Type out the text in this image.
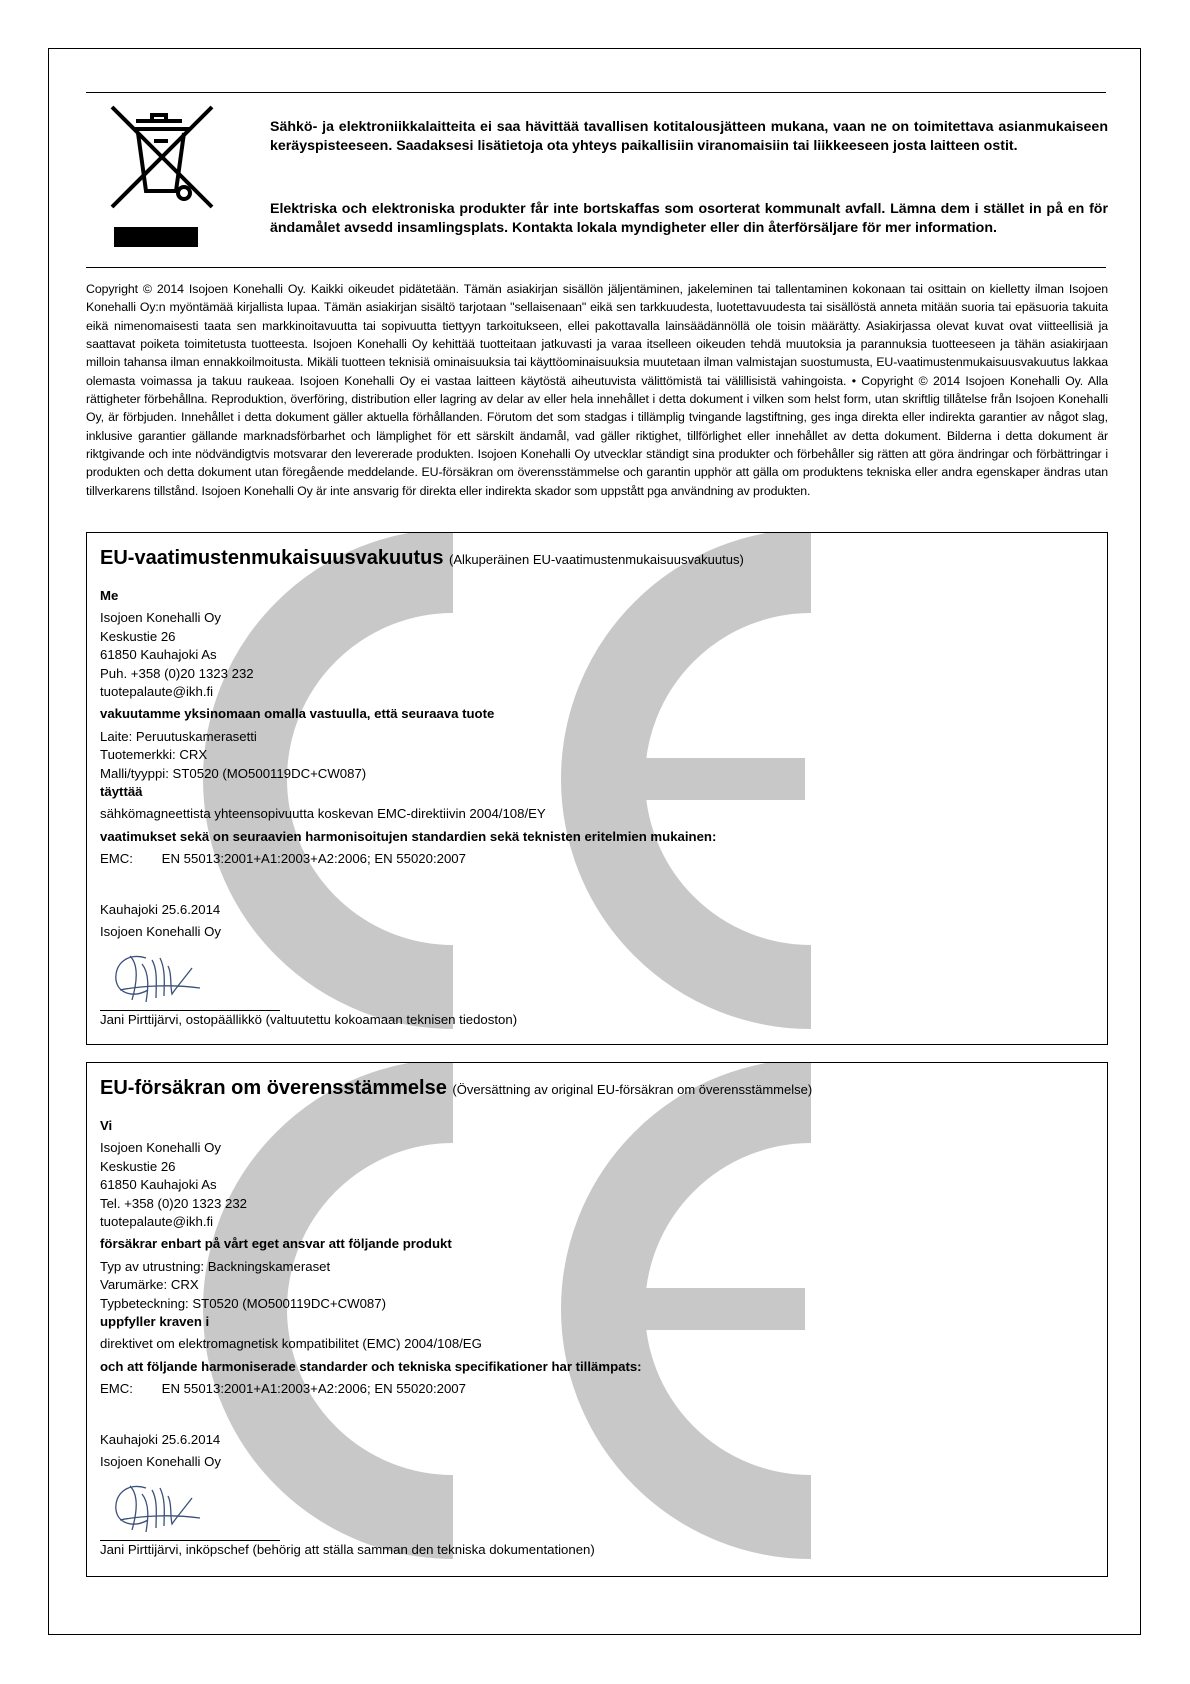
Sähkö- ja elektroniikkalaitteita ei saa hävittää tavallisen kotitalousjätteen mukana, vaan ne on toimitettava asianmukaiseen keräyspisteeseen. Saadaksesi lisätietoja ota yhteys paikallisiin viranomaisiin tai liikkeeseen josta laitteen ostit.
Elektriska och elektroniska produkter får inte bortskaffas som osorterat kommunalt avfall. Lämna dem i stället in på en för ändamålet avsedd insamlingsplats. Kontakta lokala myndigheter eller din återförsäljare för mer information.
Copyright © 2014 Isojoen Konehalli Oy. Kaikki oikeudet pidätetään. Tämän asiakirjan sisällön jäljentäminen, jakeleminen tai tallentaminen kokonaan tai osittain on kielletty ilman Isojoen Konehalli Oy:n myöntämää kirjallista lupaa. Tämän asiakirjan sisältö tarjotaan "sellaisenaan" eikä sen tarkkuudesta, luotettavuudesta tai sisällöstä anneta mitään suoria tai epäsuoria takuita eikä nimenomaisesti taata sen markkinoitavuutta tai sopivuutta tiettyyn tarkoitukseen, ellei pakottavalla lainsäädännöllä ole toisin määrätty. Asiakirjassa olevat kuvat ovat viitteellisiä ja saattavat poiketa toimitetusta tuotteesta. Isojoen Konehalli Oy kehittää tuotteitaan jatkuvasti ja varaa itselleen oikeuden tehdä muutoksia ja parannuksia tuotteeseen ja tähän asiakirjaan milloin tahansa ilman ennakkoilmoitusta. Mikäli tuotteen teknisiä ominaisuuksia tai käyttöominaisuuksia muutetaan ilman valmistajan suostumusta, EU-vaatimustenmukaisuusvakuutus lakkaa olemasta voimassa ja takuu raukeaa. Isojoen Konehalli Oy ei vastaa laitteen käytöstä aiheutuvista välittömistä tai välillisistä vahingoista. • Copyright © 2014 Isojoen Konehalli Oy. Alla rättigheter förbehållna. Reproduktion, överföring, distribution eller lagring av delar av eller hela innehållet i detta dokument i vilken som helst form, utan skriftlig tillåtelse från Isojoen Konehalli Oy, är förbjuden. Innehållet i detta dokument gäller aktuella förhållanden. Förutom det som stadgas i tillämplig tvingande lagstiftning, ges inga direkta eller indirekta garantier av något slag, inklusive garantier gällande marknadsförbarhet och lämplighet för ett särskilt ändamål, vad gäller riktighet, tillförlighet eller innehållet av detta dokument. Bilderna i detta dokument är riktgivande och inte nödvändigtvis motsvarar den levererade produkten. Isojoen Konehalli Oy utvecklar ständigt sina produkter och förbehåller sig rätten att göra ändringar och förbättringar i produkten och detta dokument utan föregående meddelande. EU-försäkran om överensstämmelse och garantin upphör att gälla om produktens tekniska eller andra egenskaper ändras utan tillverkarens tillstånd. Isojoen Konehalli Oy är inte ansvarig för direkta eller indirekta skador som uppstått pga användning av produkten.
EU-vaatimustenmukaisuusvakuutus (Alkuperäinen EU-vaatimustenmukaisuusvakuutus)
Me
Isojoen Konehalli Oy
Keskustie 26
61850 Kauhajoki As
Puh. +358 (0)20 1323 232
tuotepalaute@ikh.fi
vakuutamme yksinomaan omalla vastuulla, että seuraava tuote
Laite: Peruutuskamerasetti
Tuotemerkki: CRX
Malli/tyyppi: ST0520 (MO500119DC+CW087)
täyttää
sähkömagneettista yhteensopivuutta koskevan EMC-direktiivin 2004/108/EY
vaatimukset sekä on seuraavien harmonisoitujen standardien sekä teknisten eritelmien mukainen:
EMC: EN 55013:2001+A1:2003+A2:2006; EN 55020:2007
Kauhajoki 25.6.2014
Isojoen Konehalli Oy
Jani Pirttijärvi, ostopäällikkö (valtuutettu kokoamaan teknisen tiedoston)
EU-försäkran om överensstämmelse (Översättning av original EU-försäkran om överensstämmelse)
Vi
Isojoen Konehalli Oy
Keskustie 26
61850 Kauhajoki As
Tel. +358 (0)20 1323 232
tuotepalaute@ikh.fi
försäkrar enbart på vårt eget ansvar att följande produkt
Typ av utrustning: Backningskameraset
Varumärke: CRX
Typbeteckning: ST0520 (MO500119DC+CW087)
uppfyller kraven i
direktivet om elektromagnetisk kompatibilitet (EMC) 2004/108/EG
och att följande harmoniserade standarder och tekniska specifikationer har tillämpats:
EMC: EN 55013:2001+A1:2003+A2:2006; EN 55020:2007
Kauhajoki 25.6.2014
Isojoen Konehalli Oy
Jani Pirttijärvi, inköpschef (behörig att ställa samman den tekniska dokumentationen)
